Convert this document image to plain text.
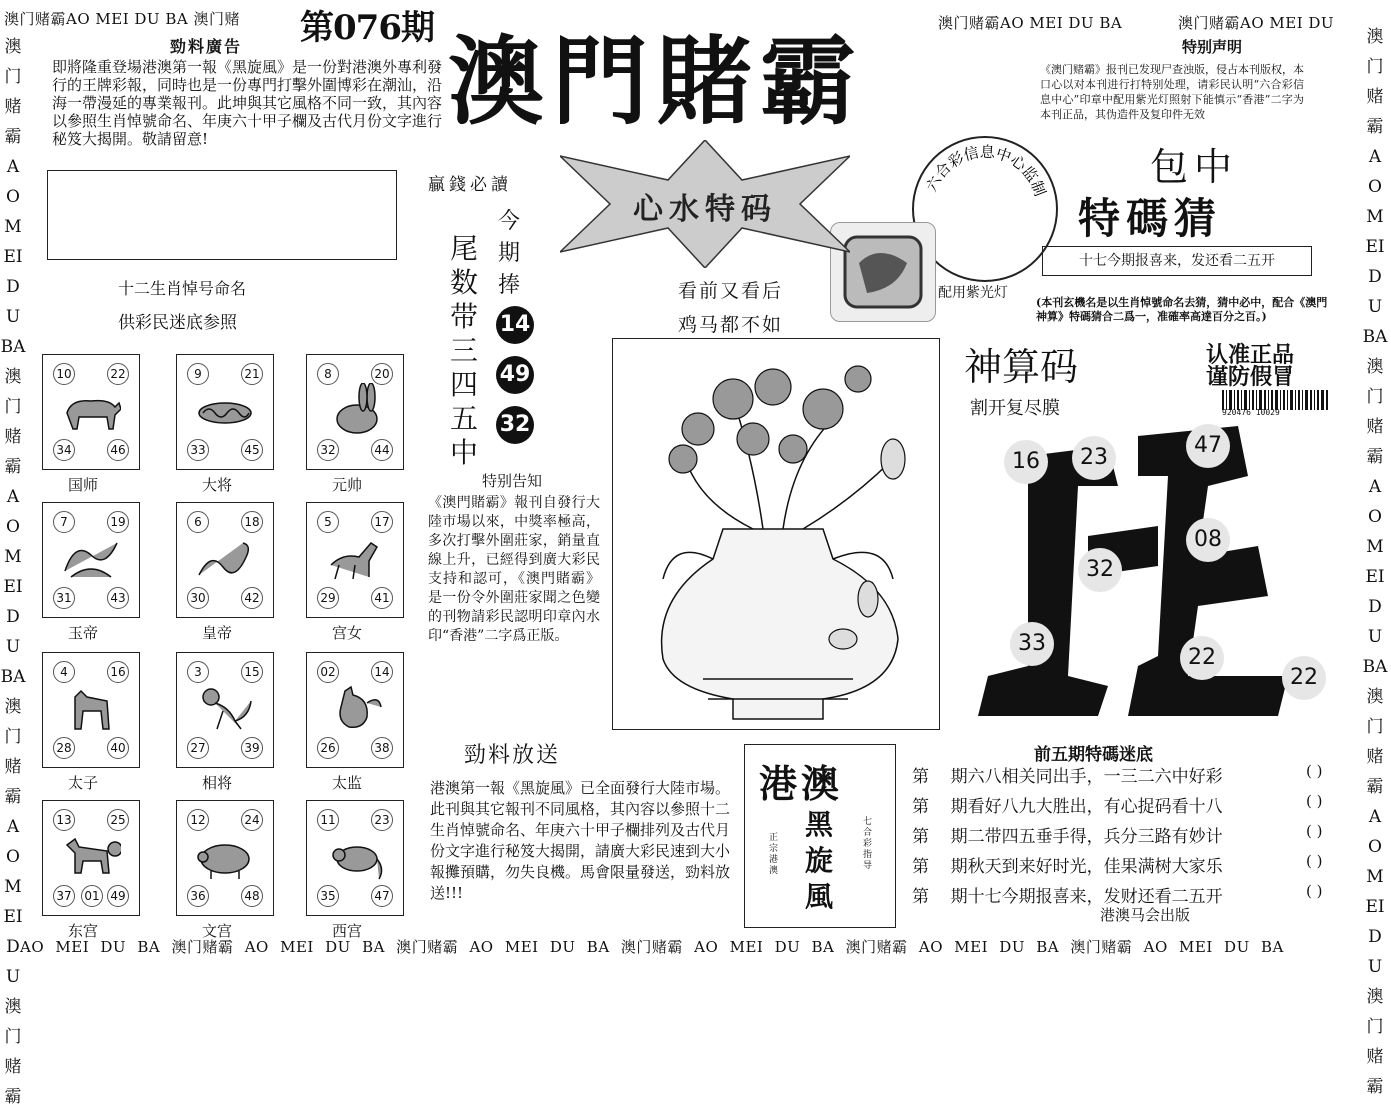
澳门赌霸AOMEIDUBA澳门赌霸AOMEIDUBA澳门赌霸AOMEIDU澳门赌霸
澳门赌霸AOMEIDUBA澳门赌霸AOMEIDUBA澳门赌霸AOMEIDU澳门赌霸
澳门赌霸AO MEI DU BA 澳门赌 第076期
勁料廣告
即將隆重登場港澳第一報《黑旋風》是一份對港澳外專利發行的王牌彩報，同時也是一份專門打擊外圍博彩在潮汕，沿海一帶漫延的專業報刊。此坤與其它風格不同一致，其內容以參照生肖悼號命名、年庚六十甲子欄及古代月份文字進行秘笈大揭開。敬請留意!
十二生肖悼号命名
供彩民迷底参照
澳門賭霸
澳门赌霸AO MEI DU BA	澳门赌霸AO MEI DU
特别声明
《澳门赌霸》报刊已发现尸查浊版，侵占本刊版权，本口心以对本刊进行打特别处理，请彩民认明“六合彩信息中心”印章中配用紫光灯照射下能慎示“香港”二字为本刊正品，其伪造件及复印件无效
六合彩信息中心监制
配用紫光灯
包中
特碼猜
十七今期报喜来，发还看二五开
(本刊玄機名是以生肖悼號命名去猜，猜中必中，配合《澳門神算》特碼猜合二爲一，准確率高達百分之百。)
神算码
割开复尽膜
认准正品
谨防假冒
920476 10029
16	23	47
08
32
33
22
22
前五期特碼迷底
第 期六八相关同出手，一三二六中好彩
第 期看好八九大胜出，有心捉码看十八
第 期二带四五垂手得，兵分三路有妙计
第 期秋天到来好时光，佳果满树大家乐
第 期十七今期报喜来，发财还看二五开
( )
( )
( )
( )
( )
港澳马会出版
贏錢必讀
心水特码
尾数带三四五中
今期捧
14
49
32
看前又看后
鸡马都不如
特别告知
《澳門賭霸》報刊自發行大陸市場以來，中獎率極高，多次打擊外圍莊家，銷量直線上升，已經得到廣大彩民支持和認可，《澳門賭霸》是一份令外圍莊家聞之色變的刊物請彩民認明印章內水印“香港”二字爲正版。
勁料放送
港澳第一報《黑旋風》已全面發行大陸市場。此刊與其它報刊不同風格，其內容以參照十二生肖悼號命名、年庚六十甲子欄排列及古代月份文字進行秘笈大揭開，請廣大彩民速到大小報攤預購，勿失良機。馬會限量發送，勁料放送!!!
港澳
黑旋風
正宗港澳
七合彩指导
10	22
34	46
国师
9	21
33	45
大将
8	20
32	44
元帅
7	19
31	43
玉帝
6	18
30	42
皇帝
5	17
29	41
宫女
4	16
28	40
太子
3	15
27	39
相将
02	14
26	38
太监
13	25
37 01 49
东宫
12	24
36	48
文宫
11	23
35	47
西宫
AO MEI DU BA 澳门赌霸 AO MEI DU BA 澳门赌霸 AO MEI DU BA 澳门赌霸 AO MEI DU BA 澳门赌霸 AO MEI DU BA 澳门赌霸 AO MEI DU BA
